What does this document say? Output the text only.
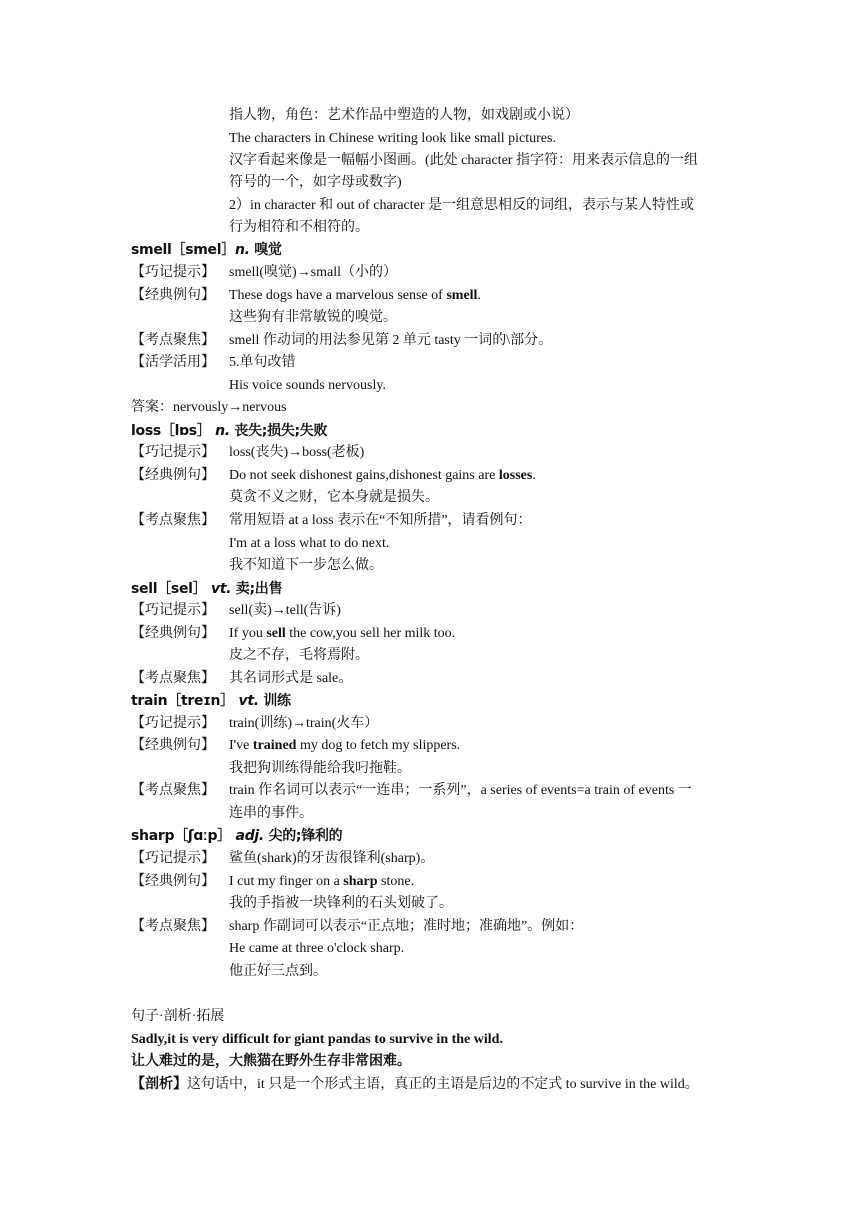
指人物，角色：艺术作品中塑造的人物，如戏剧或小说）
The characters in Chinese writing look like small pictures.
汉字看起来像是一幅幅小图画。(此处 character 指字符：用来表示信息的一组
符号的一个，如字母或数字)
2）in character 和 out of character 是一组意思相反的词组，表示与某人特性或
行为相符和不相符的。
smell［smel］n. 嗅觉
【巧记提示】 smell(嗅觉)→small（小的）
【经典例句】 These dogs have a marvelous sense of smell.
这些狗有非常敏锐的嗅觉。
【考点聚焦】 smell 作动词的用法参见第 2 单元 tasty 一词的\部分。
【活学活用】 5.单句改错
His voice sounds nervously.
答案：nervously→nervous
loss［lɒs］ n. 丧失;损失;失败
【巧记提示】 loss(丧失)→boss(老板)
【经典例句】 Do not seek dishonest gains,dishonest gains are losses.
莫贪不义之财，它本身就是损失。
【考点聚焦】 常用短语 at a loss 表示在“不知所措”，请看例句：
I'm at a loss what to do next.
我不知道下一步怎么做。
sell［sel］ vt. 卖;出售
【巧记提示】 sell(卖)→tell(告诉)
【经典例句】 If you sell the cow,you sell her milk too.
皮之不存，毛将焉附。
【考点聚焦】 其名词形式是 sale。
train［treɪn］ vt. 训练
【巧记提示】 train(训练)→train(火车）
【经典例句】 I've trained my dog to fetch my slippers.
我把狗训练得能给我叼拖鞋。
【考点聚焦】 train 作名词可以表示“一连串；一系列”，a series of events=a train of events 一
连串的事件。
sharp［ʃɑːp］ adj. 尖的;锋利的
【巧记提示】 鲨鱼(shark)的牙齿很锋利(sharp)。
【经典例句】 I cut my finger on a sharp stone.
我的手指被一块锋利的石头划破了。
【考点聚焦】 sharp 作副词可以表示“正点地；准时地；准确地”。例如：
He came at three o'clock sharp.
他正好三点到。
句子·剖析·拓展
Sadly,it is very difficult for giant pandas to survive in the wild.
让人难过的是，大熊猫在野外生存非常困难。
【剖析】这句话中，it 只是一个形式主语，真正的主语是后边的不定式 to survive in the wild。
